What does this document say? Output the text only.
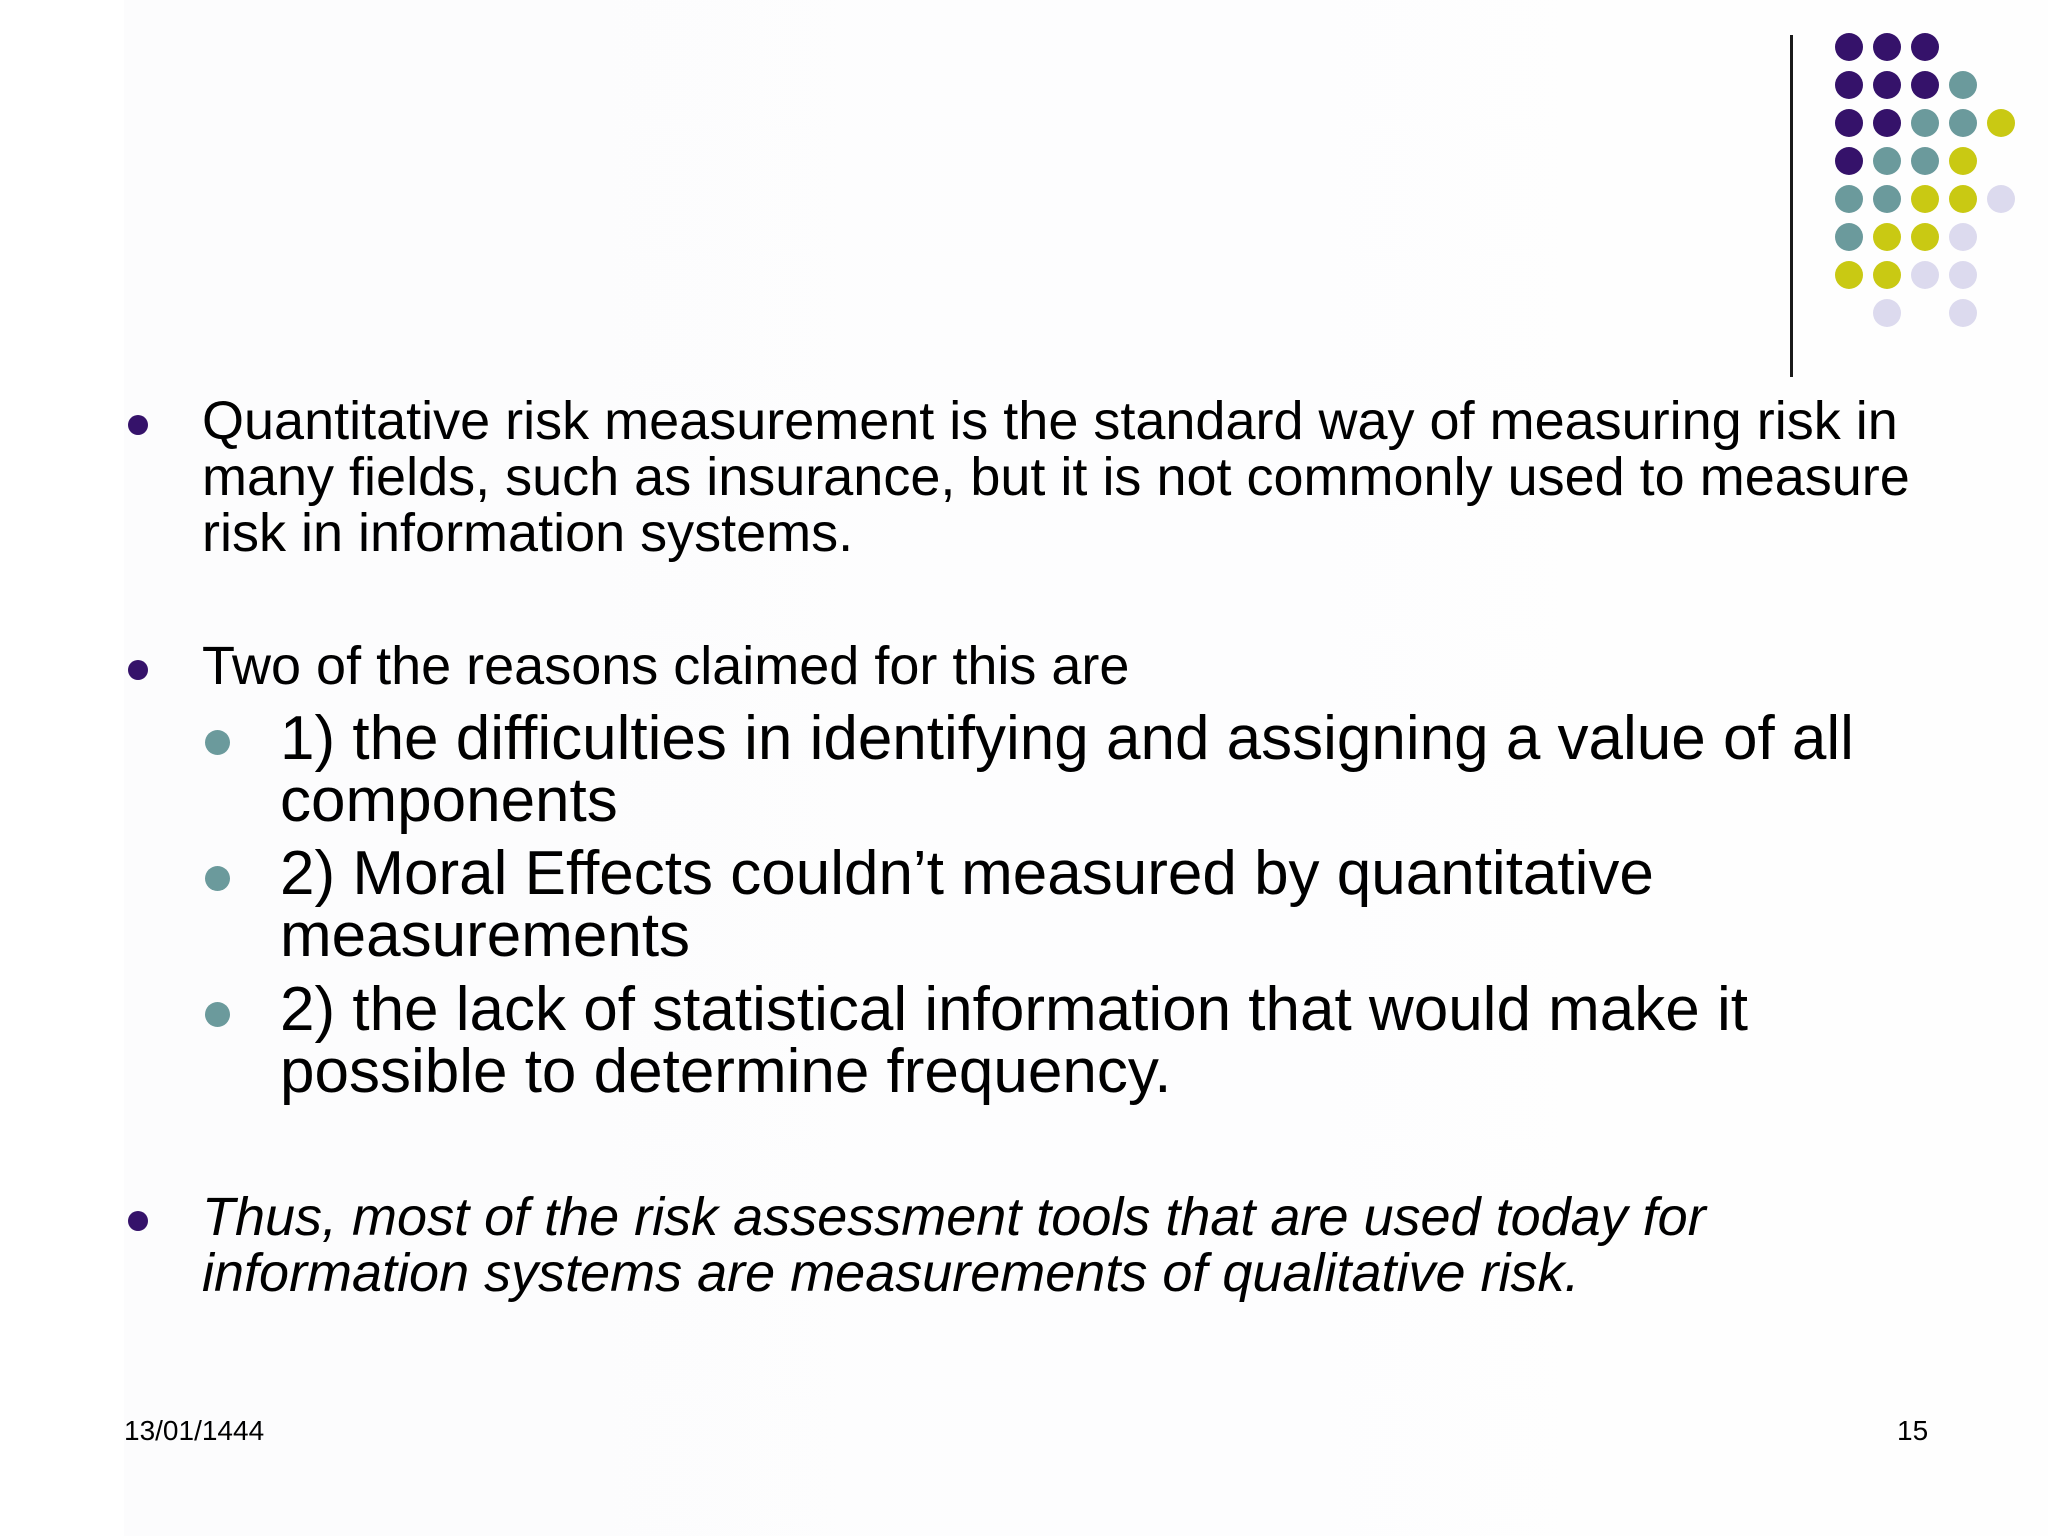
Quantitative risk measurement is the standard way of measuring risk in many fields, such as insurance, but it is not commonly used to measure risk in information systems.
Two of the reasons claimed for this are
1) the difficulties in identifying and assigning a value of all components
2) Moral Effects couldn’t measured by quantitative measurements
2) the lack of statistical information that would make it possible to determine frequency.
Thus, most of the risk assessment tools that are used today for information systems are measurements of qualitative risk.
13/01/1444	15
